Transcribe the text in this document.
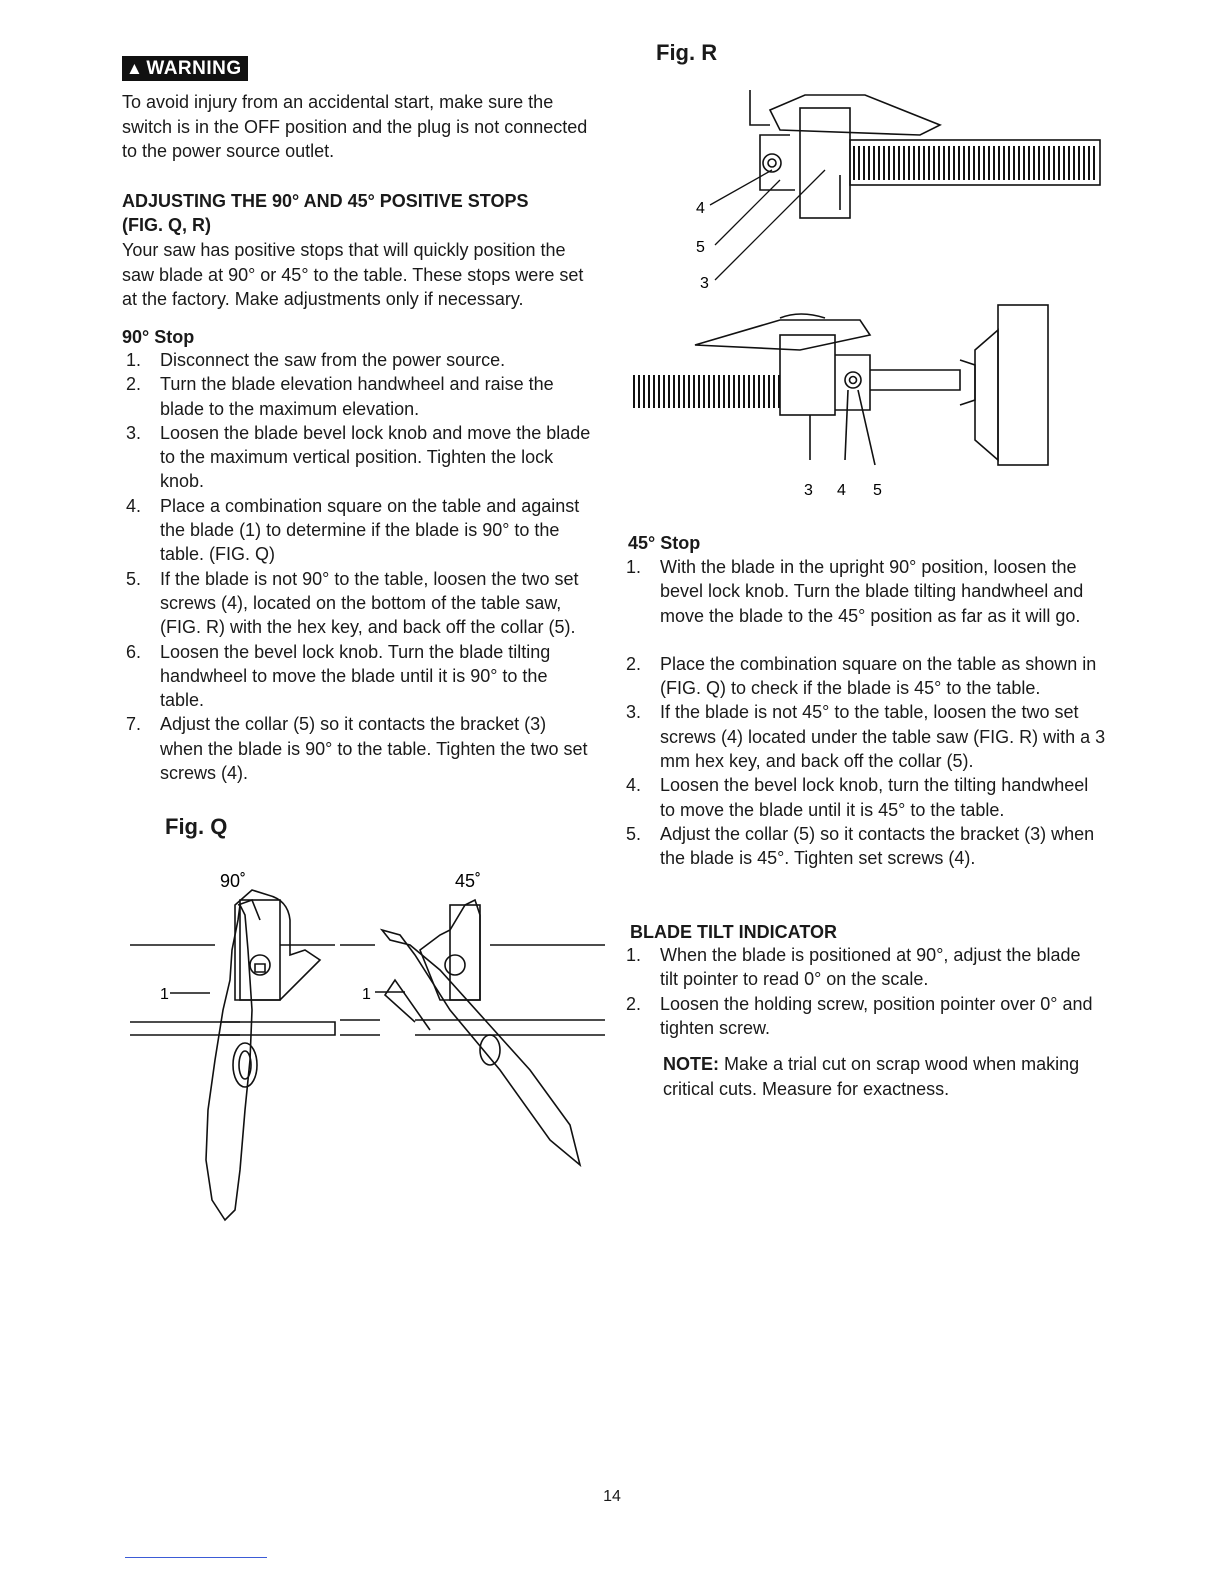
▲ WARNING
To avoid injury from an accidental start, make sure the switch is in the OFF position and the plug is not connected to the power source outlet.
ADJUSTING THE 90° AND 45° POSITIVE STOPS
(FIG. Q, R)
Your saw has positive stops that will quickly position the saw blade at 90° or 45° to the table. These stops were set at the factory. Make adjustments only if necessary.
90° Stop
1. Disconnect the saw from the power source.
2. Turn the blade elevation handwheel and raise the blade to the maximum elevation.
3. Loosen the blade bevel lock knob and move the blade to the maximum vertical position. Tighten the lock knob.
4. Place a combination square on the table and against the blade (1) to determine if the blade is 90° to the table. (FIG. Q)
5. If the blade is not 90° to the table, loosen the two set screws (4), located on the bottom of the table saw, (FIG. R) with the hex key, and back off the collar (5).
6. Loosen the bevel lock knob. Turn the blade tilting handwheel to move the blade until it is 90° to the table.
7. Adjust the collar (5) so it contacts the bracket (3) when the blade is 90° to the table. Tighten the two set screws (4).
Fig. Q
90˚	45˚
1	1
Fig. R
4
5
3
3 4 5
45° Stop
1. With the blade in the upright 90° position, loosen the bevel lock knob. Turn the blade tilting handwheel and move the blade to the 45° position as far as it will go.
2. Place the combination square on the table as shown in (FIG. Q) to check if the blade is 45° to the table.
3. If the blade is not 45° to the table, loosen the two set screws (4) located under the table saw (FIG. R) with a 3 mm hex key, and back off the collar (5).
4. Loosen the bevel lock knob, turn the tilting handwheel to move the blade until it is 45° to the table.
5. Adjust the collar (5) so it contacts the bracket (3) when the blade is 45°. Tighten set screws (4).
BLADE TILT INDICATOR
1. When the blade is positioned at 90°, adjust the blade tilt pointer to read 0° on the scale.
2. Loosen the holding screw, position pointer over 0° and tighten screw.
NOTE: Make a trial cut on scrap wood when making critical cuts. Measure for exactness.
14
